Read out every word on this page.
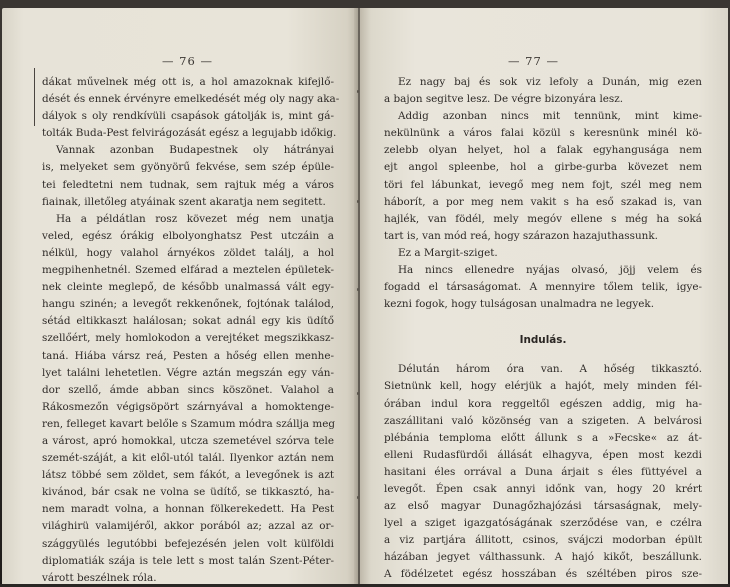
— 76 —
dákat művelnek még ott is, a hol amazoknak kifejlő-
dését és ennek érvényre emelkedését még oly nagy aka-
dályok s oly rendkívüli csapások gátolják is, mint gá-
tolták Buda-Pest felvirágozását egész a legujabb időkig.
Vannak azonban Budapestnek oly hátrányai
is, melyeket sem gyönyörű fekvése, sem szép épüle-
tei feledtetni nem tudnak, sem rajtuk még a város
fiainak, illetőleg atyáinak szent akaratja nem segitett.
Ha a példátlan rosz kövezet még nem unatja
veled, egész órákig elbolyonghatsz Pest utczáin a
nélkül, hogy valahol árnyékos zöldet találj, a hol
megpihenhetnél. Szemed elfárad a meztelen épületek-
nek cleinte meglepő, de később unalmassá vált egy-
hangu szinén; a levegőt rekkenőnek, fojtónak találod,
sétád eltikkaszt halálosan; sokat adnál egy kis üdítő
szellőért, mely homlokodon a verejtéket megszikkasz-
taná. Hiába vársz reá, Pesten a hőség ellen menhe-
lyet találni lehetetlen. Végre aztán megszán egy ván-
dor szellő, ámde abban sincs köszönet. Valahol a
Rákosmezőn végigsöpört szárnyával a homoktenge-
ren, felleget kavart belőle s Szamum módra szállja meg
a várost, apró homokkal, utcza szemetével szórva tele
szemét-száját, a kit elől-utól talál. Ilyenkor aztán nem
látsz többé sem zöldet, sem fákót, a levegőnek is azt
kivánod, bár csak ne volna se üdítő, se tikkasztó, ha-
nem maradt volna, a honnan fölkerekedett. Ha Pest
világhirü valamijéről, akkor porából az; azzal az or-
szággyülés legutóbbi befejezésén jelen volt külföldi
diplomatiák szája is tele lett s most talán Szent-Péter-
várott beszélnek róla.
— 77 —
Ez nagy baj és sok viz lefoly a Dunán, mig ezen
a bajon segitve lesz. De végre bizonyára lesz.
Addig azonban nincs mit tennünk, mint kime-
nekülnünk a város falai közül s keresnünk minél kö-
zelebb olyan helyet, hol a falak egyhangusága nem
ejt angol spleenbe, hol a girbe-gurba kövezet nem
töri fel lábunkat, ievegő meg nem fojt, szél meg nem
háborít, a por meg nem vakit s ha eső szakad is, van
hajlék, van födél, mely megóv ellene s még ha soká
tart is, van mód reá, hogy szárazon hazajuthassunk.
Ez a Margit-sziget.
Ha nincs ellenedre nyájas olvasó, jöjj velem és
fogadd el társaságomat. A mennyire tőlem telik, igye-
kezni fogok, hogy tulságosan unalmadra ne legyek.
Indulás.
Délután három óra van. A hőség tikkasztó.
Sietnünk kell, hogy elérjük a hajót, mely minden fél-
órában indul kora reggeltől egészen addig, mig ha-
zaszállitani való közönség van a szigeten. A belvárosi
plébánia temploma előtt állunk s a »Fecske« az át-
elleni Rudasfürdői állását elhagyva, épen most kezdi
hasitani éles orrával a Duna árjait s éles füttyével a
levegőt. Épen csak annyi időnk van, hogy 20 krért
az első magyar Dunagőzhajózási társaságnak, mely-
lyel a sziget igazgatóságának szerződése van, e czélra
a viz partjára állitott, csinos, svájczi modorban épült
házában jegyet válthassunk. A hajó kikőt, beszállunk.
A födélzetet egész hosszában és széltében piros sze-
